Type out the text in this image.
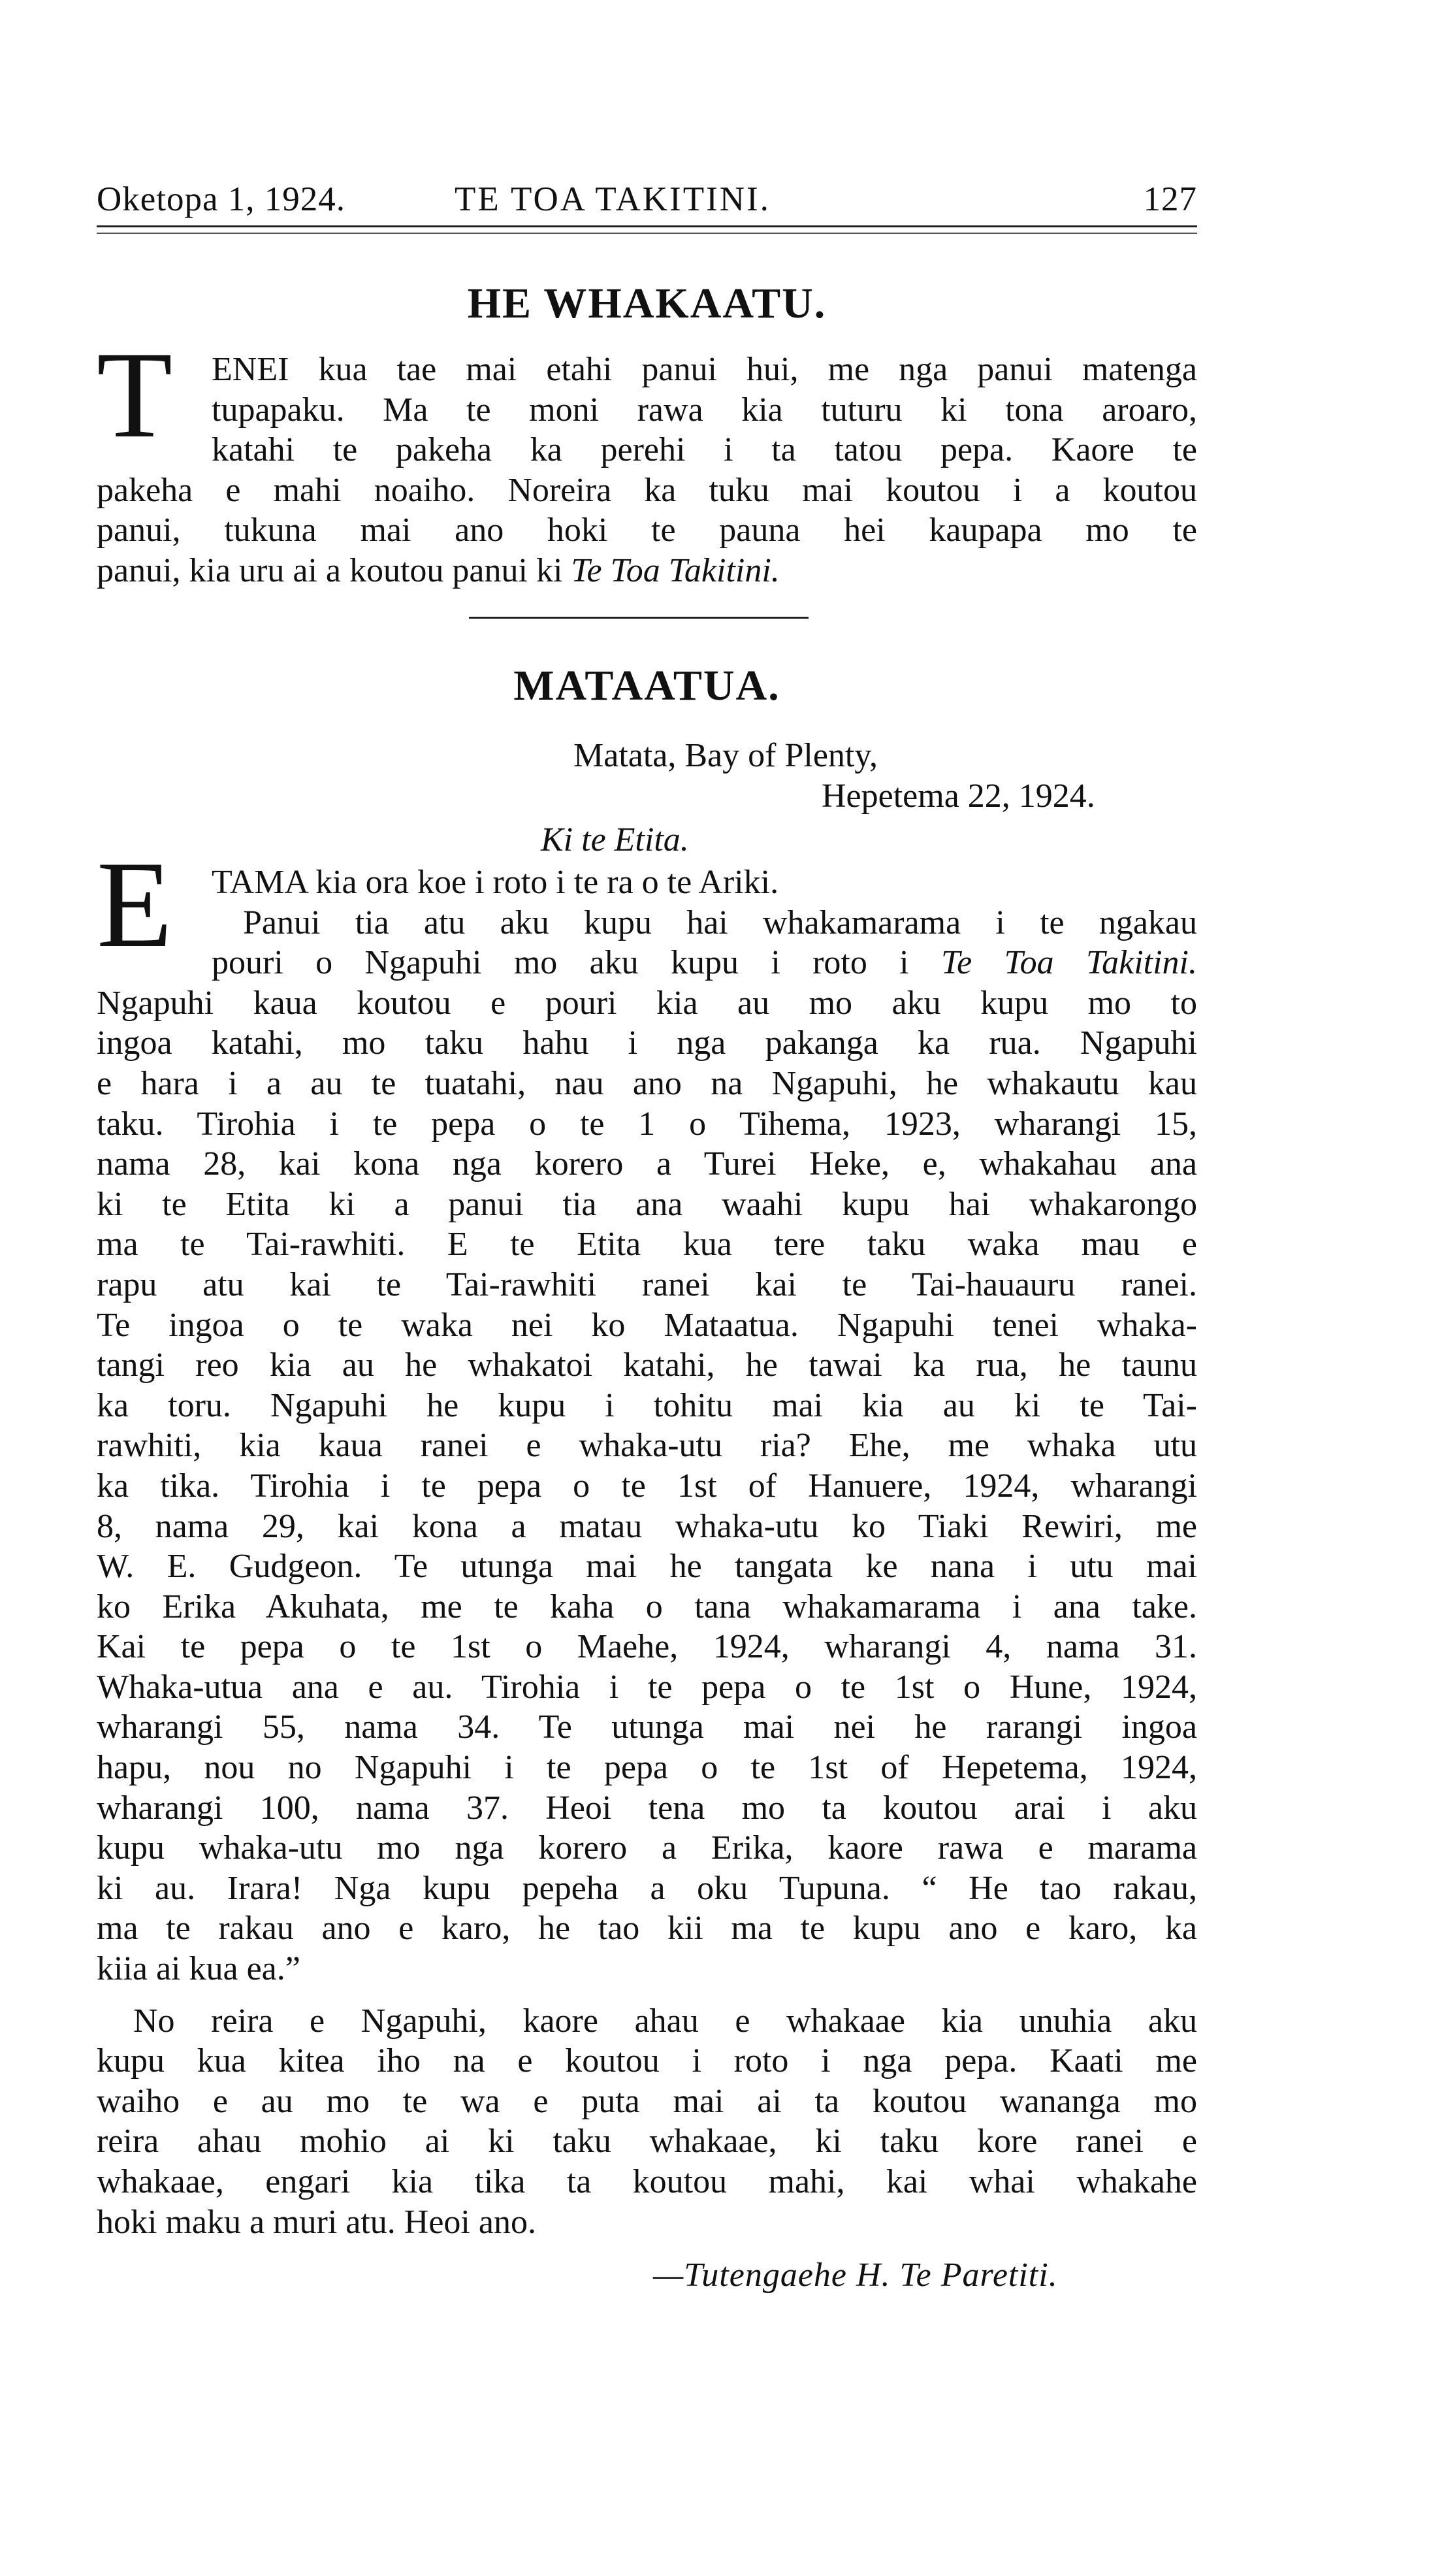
Oketopa 1, 1924.	TE TOA TAKITINI.	127
HE WHAKAATU.
T	ENEI kua tae mai etahi panui hui, me nga panui matenga
tupapaku. Ma te moni rawa kia tuturu ki tona aroaro,
katahi te pakeha ka perehi i ta tatou pepa. Kaore te
pakeha e mahi noaiho. Noreira ka tuku mai koutou i a koutou
panui, tukuna mai ano hoki te pauna hei kaupapa mo te
panui, kia uru ai a koutou panui ki Te Toa Takitini.
MATAATUA.
Matata, Bay of Plenty,
Hepetema 22, 1924.
Ki te Etita.
E	TAMA kia ora koe i roto i te ra o te Ariki.
Panui tia atu aku kupu hai whakamarama i te ngakau
pouri o Ngapuhi mo aku kupu i roto i Te Toa Takitini.
Ngapuhi kaua koutou e pouri kia au mo aku kupu mo to
ingoa katahi, mo taku hahu i nga pakanga ka rua. Ngapuhi
e hara i a au te tuatahi, nau ano na Ngapuhi, he whakautu kau
taku. Tirohia i te pepa o te 1 o Tihema, 1923, wharangi 15,
nama 28, kai kona nga korero a Turei Heke, e, whakahau ana
ki te Etita ki a panui tia ana waahi kupu hai whakarongo
ma te Tai-rawhiti. E te Etita kua tere taku waka mau e
rapu atu kai te Tai-rawhiti ranei kai te Tai-hauauru ranei.
Te ingoa o te waka nei ko Mataatua. Ngapuhi tenei whaka-
tangi reo kia au he whakatoi katahi, he tawai ka rua, he taunu
ka toru. Ngapuhi he kupu i tohitu mai kia au ki te Tai-
rawhiti, kia kaua ranei e whaka-utu ria? Ehe, me whaka utu
ka tika. Tirohia i te pepa o te 1st of Hanuere, 1924, wharangi
8, nama 29, kai kona a matau whaka-utu ko Tiaki Rewiri, me
W. E. Gudgeon. Te utunga mai he tangata ke nana i utu mai
ko Erika Akuhata, me te kaha o tana whakamarama i ana take.
Kai te pepa o te 1st o Maehe, 1924, wharangi 4, nama 31.
Whaka-utua ana e au. Tirohia i te pepa o te 1st o Hune, 1924,
wharangi 55, nama 34. Te utunga mai nei he rarangi ingoa
hapu, nou no Ngapuhi i te pepa o te 1st of Hepetema, 1924,
wharangi 100, nama 37. Heoi tena mo ta koutou arai i aku
kupu whaka-utu mo nga korero a Erika, kaore rawa e marama
ki au. Irara! Nga kupu pepeha a oku Tupuna. “ He tao rakau,
ma te rakau ano e karo, he tao kii ma te kupu ano e karo, ka
kiia ai kua ea.”
No reira e Ngapuhi, kaore ahau e whakaae kia unuhia aku
kupu kua kitea iho na e koutou i roto i nga pepa. Kaati me
waiho e au mo te wa e puta mai ai ta koutou wananga mo
reira ahau mohio ai ki taku whakaae, ki taku kore ranei e
whakaae, engari kia tika ta koutou mahi, kai whai whakahe
hoki maku a muri atu. Heoi ano.
—Tutengaehe H. Te Paretiti.
